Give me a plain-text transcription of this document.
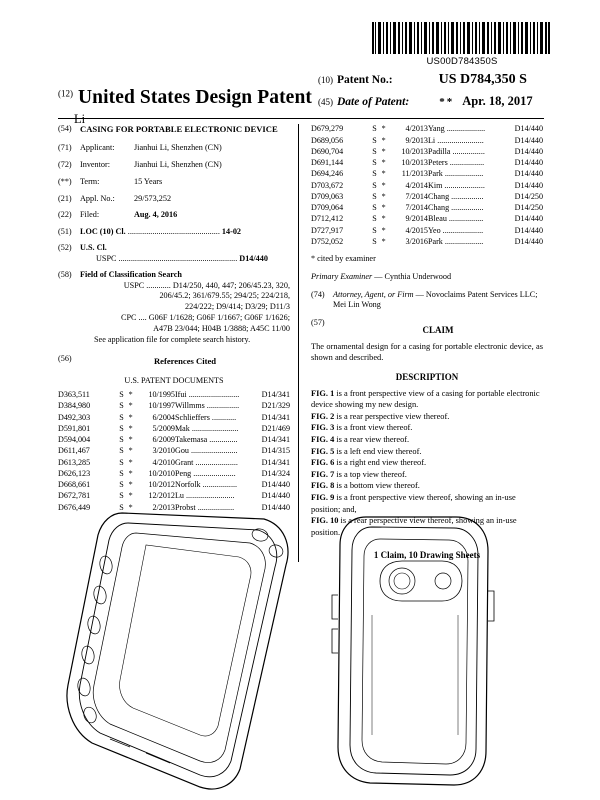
US00D784350S
$^{(12)}$ United States Design Patent
(10) Patent No.:	US D784,350 S
(45) Date of Patent:	** Apr. 18, 2017
Li
(54) CASING FOR PORTABLE ELECTRONIC DEVICE
(71)	Applicant: Jianhui Li, Shenzhen (CN)
(72)	Inventor:	Jianhui Li, Shenzhen (CN)
(**)	Term:	15 Years
(21)	Appl. No.: 29/573,252
(22)	Filed:	Aug. 4, 2016
(51)	LOC (10) Cl. ............................................. 14-02
(52)	U.S. Cl.
USPC .......................................................... D14/440
(58)	Field of Classification Search
USPC ............ D14/250, 440, 447; 206/45.23, 320,
206/45.2; 361/679.55; 294/25; 224/218,
224/222; D9/414; D3/29; D11/3
CPC .... G06F 1/1628; G06F 1/1667; G06F 1/1626;
A47B 23/044; H04B 1/3888; A45C 11/00
See application file for complete search history.
(56)	References Cited
U.S. PATENT DOCUMENTS
D363,511	S	*	10/1995	Ifui .........................	D14/341
D384,980	S	*	10/1997	Willmms ................	D21/329
D492,303	S	*	6/2004	Schlieffers ............	D14/341
D591,801	S	*	5/2009	Mak .......................	D21/469
D594,004	S	*	6/2009	Takemasa ..............	D14/341
D611,467	S	*	3/2010	Gou .......................	D14/315
D613,285	S	*	4/2010	Grant .....................	D14/341
D626,123	S	*	10/2010	Peng .....................	D14/324
D668,661	S	*	10/2012	Norfolk .................	D14/440
D672,781	S	*	12/2012	Lu ........................	D14/440
D676,449	S	*	2/2013	Probst ..................	D14/440
D679,279	S	*	4/2013	Yang ...................	D14/440
D689,056	S	*	9/2013	Li .......................	D14/440
D690,704	S	*	10/2013	Padilla ................	D14/440
D691,144	S	*	10/2013	Peters .................	D14/440
D694,246	S	*	11/2013	Park ...................	D14/440
D703,672	S	*	4/2014	Kim ....................	D14/440
D709,063	S	*	7/2014	Chang ................	D14/250
D709,064	S	*	7/2014	Chang ................	D14/250
D712,412	S	*	9/2014	Bleau .................	D14/440
D727,917	S	*	4/2015	Yeo ....................	D14/440
D752,052	S	*	3/2016	Park ...................	D14/440
* cited by examiner
Primary Examiner — Cynthia Underwood
(74)	Attorney, Agent, or Firm — Novoclaims Patent Services LLC; Mei Lin Wong
(57)
CLAIM
The ornamental design for a casing for portable electronic device, as shown and described.
DESCRIPTION
FIG. 1 is a front perspective view of a casing for portable electronic device showing my new design.
FIG. 2 is a rear perspective view thereof.
FIG. 3 is a front view thereof.
FIG. 4 is a rear view thereof.
FIG. 5 is a left end view thereof.
FIG. 6 is a right end view thereof.
FIG. 7 is a top view thereof.
FIG. 8 is a bottom view thereof.
FIG. 9 is a front perspective view thereof, showing an in-use position; and,
FIG. 10 is a rear perspective view thereof, showing an in-use position.
1 Claim, 10 Drawing Sheets
